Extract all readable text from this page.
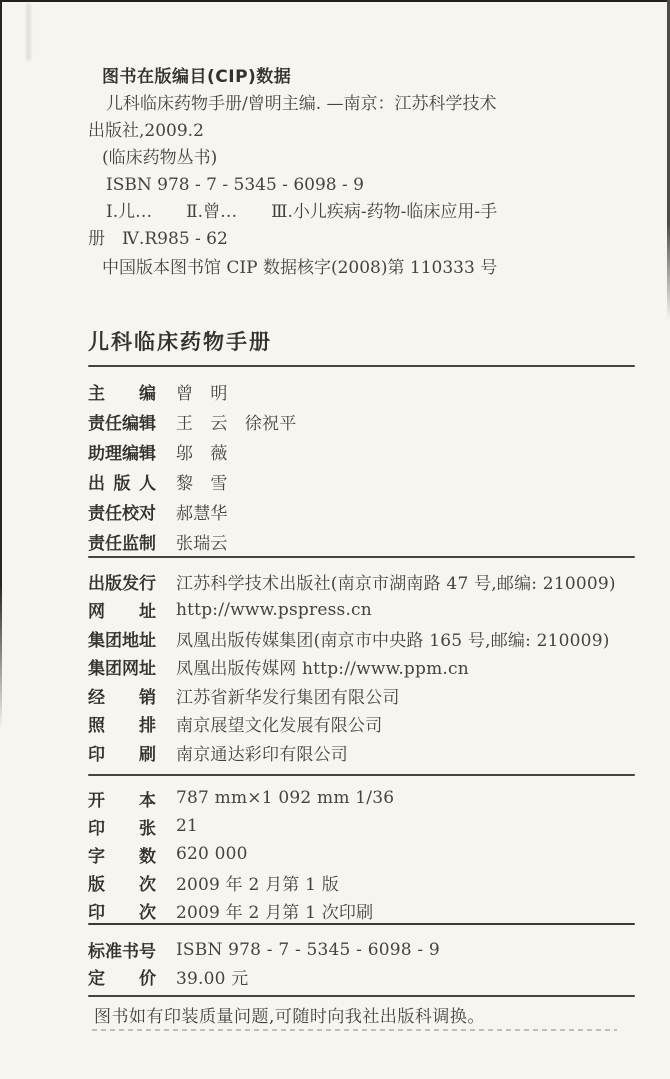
图书在版编目(CIP)数据
儿科临床药物手册/曾明主编. —南京：江苏科学技术
出版社,2009.2
(临床药物丛书)
ISBN 978 - 7 - 5345 - 6098 - 9
Ⅰ.儿…　　Ⅱ.曾…　　Ⅲ.小儿疾病-药物-临床应用-手
册　Ⅳ.R985 - 62
中国版本图书馆 CIP 数据核字(2008)第 110333 号
儿科临床药物手册
主 编 曾　明
责 任 编 辑 王　云　徐祝平
助 理 编 辑 邬　薇
出 版 人 黎　雪
责 任 校 对 郝慧华
责 任 监 制 张瑞云
出 版 发 行 江苏科学技术出版社(南京市湖南路 47 号,邮编: 210009)
网 址 http://www.pspress.cn
集 团 地 址 凤凰出版传媒集团(南京市中央路 165 号,邮编: 210009)
集 团 网 址 凤凰出版传媒网 http://www.ppm.cn
经 销 江苏省新华发行集团有限公司
照 排 南京展望文化发展有限公司
印 刷 南京通达彩印有限公司
开 本 787 mm×1 092 mm 1/36
印 张 21
字 数 620 000
版 次 2009 年 2 月第 1 版
印 次 2009 年 2 月第 1 次印刷
标 准 书 号 ISBN 978 - 7 - 5345 - 6098 - 9
定 价 39.00 元
图书如有印装质量问题,可随时向我社出版科调换。
